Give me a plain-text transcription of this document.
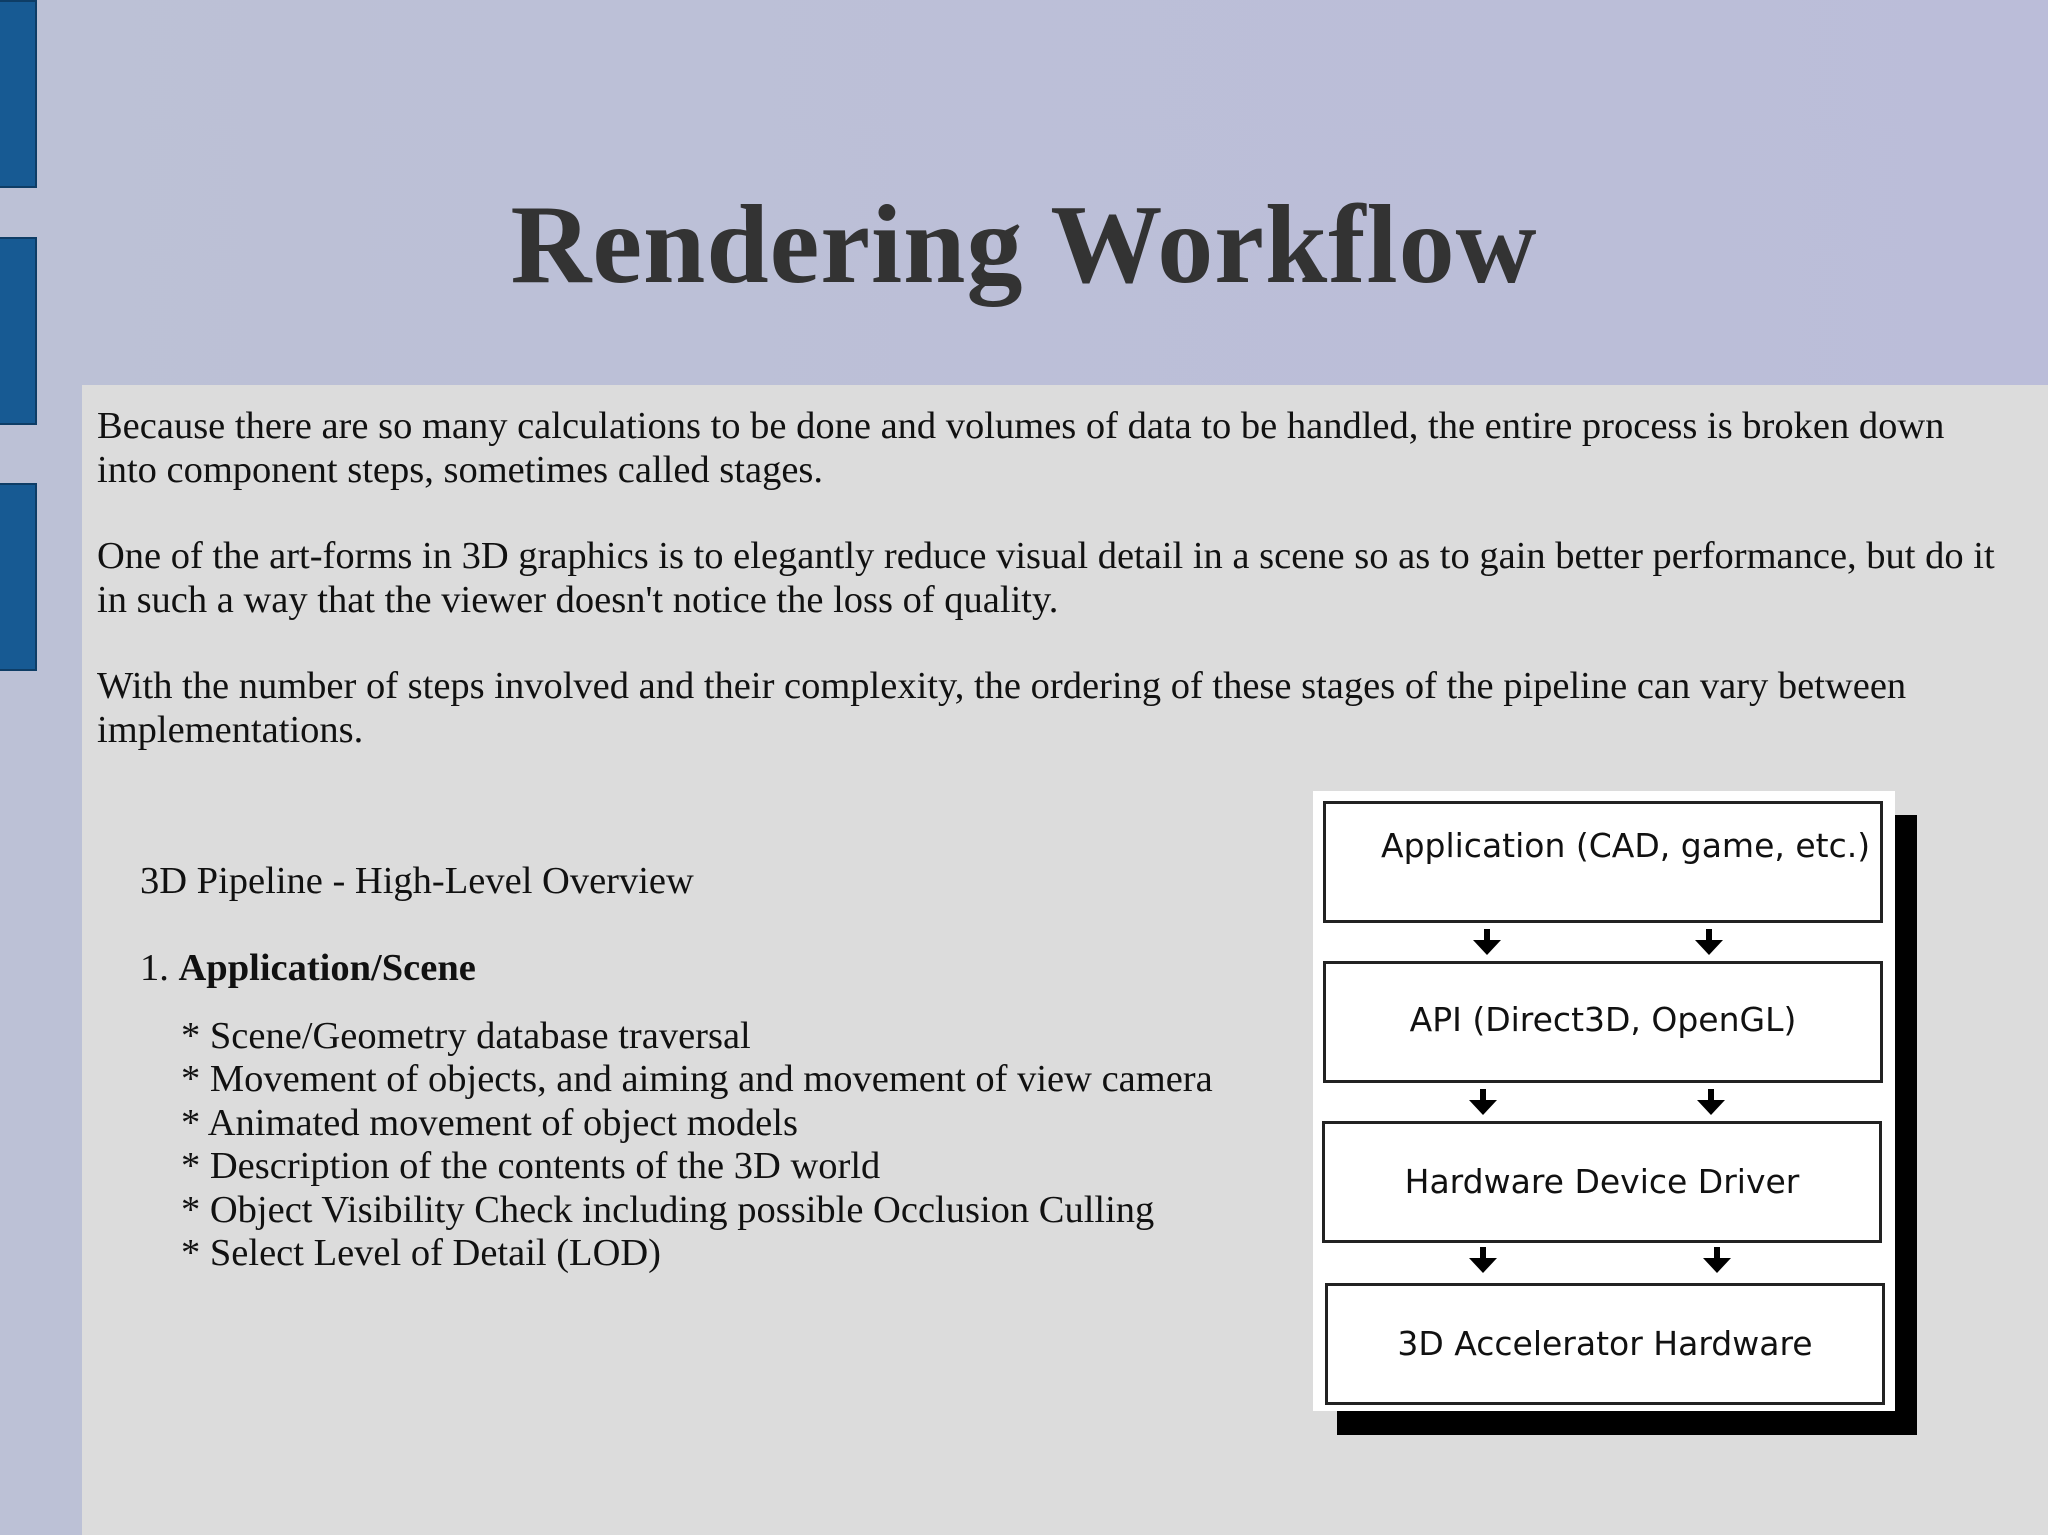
Rendering Workflow

Because there are so many calculations to be done and volumes of data to be handled, the entire process is broken down into component steps, sometimes called stages.

One of the art-forms in 3D graphics is to elegantly reduce visual detail in a scene so as to gain better performance, but do it in such a way that the viewer doesn't notice the loss of quality.

With the number of steps involved and their complexity, the ordering of these stages of the pipeline can vary between implementations.

3D Pipeline - High-Level Overview
1. Application/Scene
* Scene/Geometry database traversal
* Movement of objects, and aiming and movement of view camera
* Animated movement of object models
* Description of the contents of the 3D world
* Object Visibility Check including possible Occlusion Culling
* Select Level of Detail (LOD)
Application (CAD, game, etc.)
API (Direct3D, OpenGL)
Hardware Device Driver
3D Accelerator Hardware
